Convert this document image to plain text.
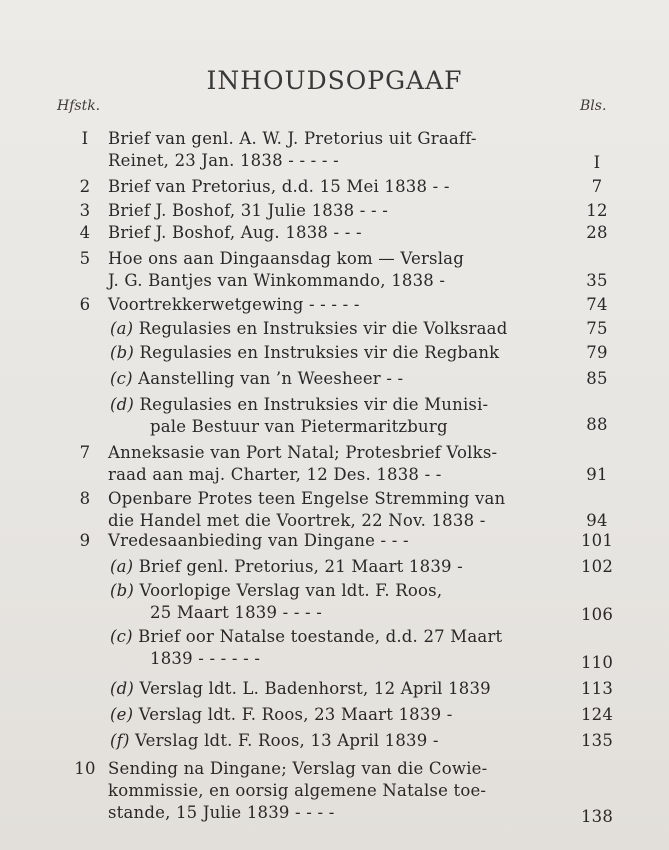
INHOUDSOPGAAF
Hfstk.	Bls.
I	Brief van genl. A. W. J. Pretorius uit Graaff-
Reinet, 23 Jan. 1838 - - - - -	I
2	Brief van Pretorius, d.d. 15 Mei 1838 - -	7
3	Brief J. Boshof, 31 Julie 1838 - - -	12
4	Brief J. Boshof, Aug. 1838 - - -	28
5	Hoe ons aan Dingaansdag kom — Verslag
J. G. Bantjes van Winkommando, 1838 -	35
6	Voortrekkerwetgewing - - - - -	74
(a) Regulasies en Instruksies vir die Volksraad	75
(b) Regulasies en Instruksies vir die Regbank	79
(c) Aanstelling van ’n Weesheer - -	85
(d) Regulasies en Instruksies vir die Munisi-
pale Bestuur van Pietermaritzburg	88
7	Anneksasie van Port Natal; Protesbrief Volks-
raad aan maj. Charter, 12 Des. 1838 - -	91
8	Openbare Protes teen Engelse Stremming van
die Handel met die Voortrek, 22 Nov. 1838 -	94
9	Vredesaanbieding van Dingane - - -	101
(a) Brief genl. Pretorius, 21 Maart 1839 -	102
(b) Voorlopige Verslag van ldt. F. Roos,
25 Maart 1839 - - - -	106
(c) Brief oor Natalse toestande, d.d. 27 Maart
1839 - - - - - -	110
(d) Verslag ldt. L. Badenhorst, 12 April 1839	113
(e) Verslag ldt. F. Roos, 23 Maart 1839 -	124
(f) Verslag ldt. F. Roos, 13 April 1839 -	135
10 Sending na Dingane; Verslag van die Cowie-
kommissie, en oorsig algemene Natalse toe-
stande, 15 Julie 1839 - - - -	138
